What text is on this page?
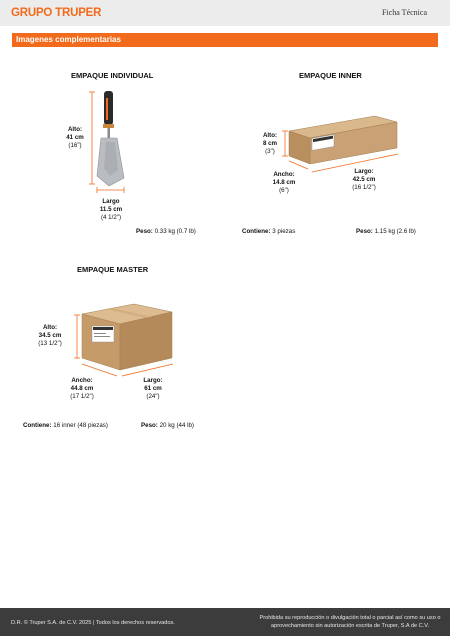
GRUPO TRUPER	Ficha Técnica
Imagenes complementarias
EMPAQUE INDIVIDUAL
Alto:
41 cm
(16")
Largo
11.5 cm
(4 1/2")
Peso: 0.33 kg (0.7 lb)
EMPAQUE INNER
Alto:
8 cm
(3")
Ancho:
14.8 cm
(6")
Largo:
42.5 cm
(16 1/2")
Contiene: 3 piezas	Peso: 1.15 kg (2.6 lb)
EMPAQUE MASTER
Alto:
34.5 cm
(13 1/2")
Ancho:
44.8 cm
(17 1/2")
Largo:
61 cm
(24")
Contiene: 16 inner (48 piezas)	Peso: 20 kg (44 lb)
D.R. © Truper S.A. de C.V. 2025 | Todos los derechos reservados.
Prohibida su reproducción o divulgación total o parcial así como su uso o aprovechamiento sin autorización escrita de Truper, S.A de C.V.
